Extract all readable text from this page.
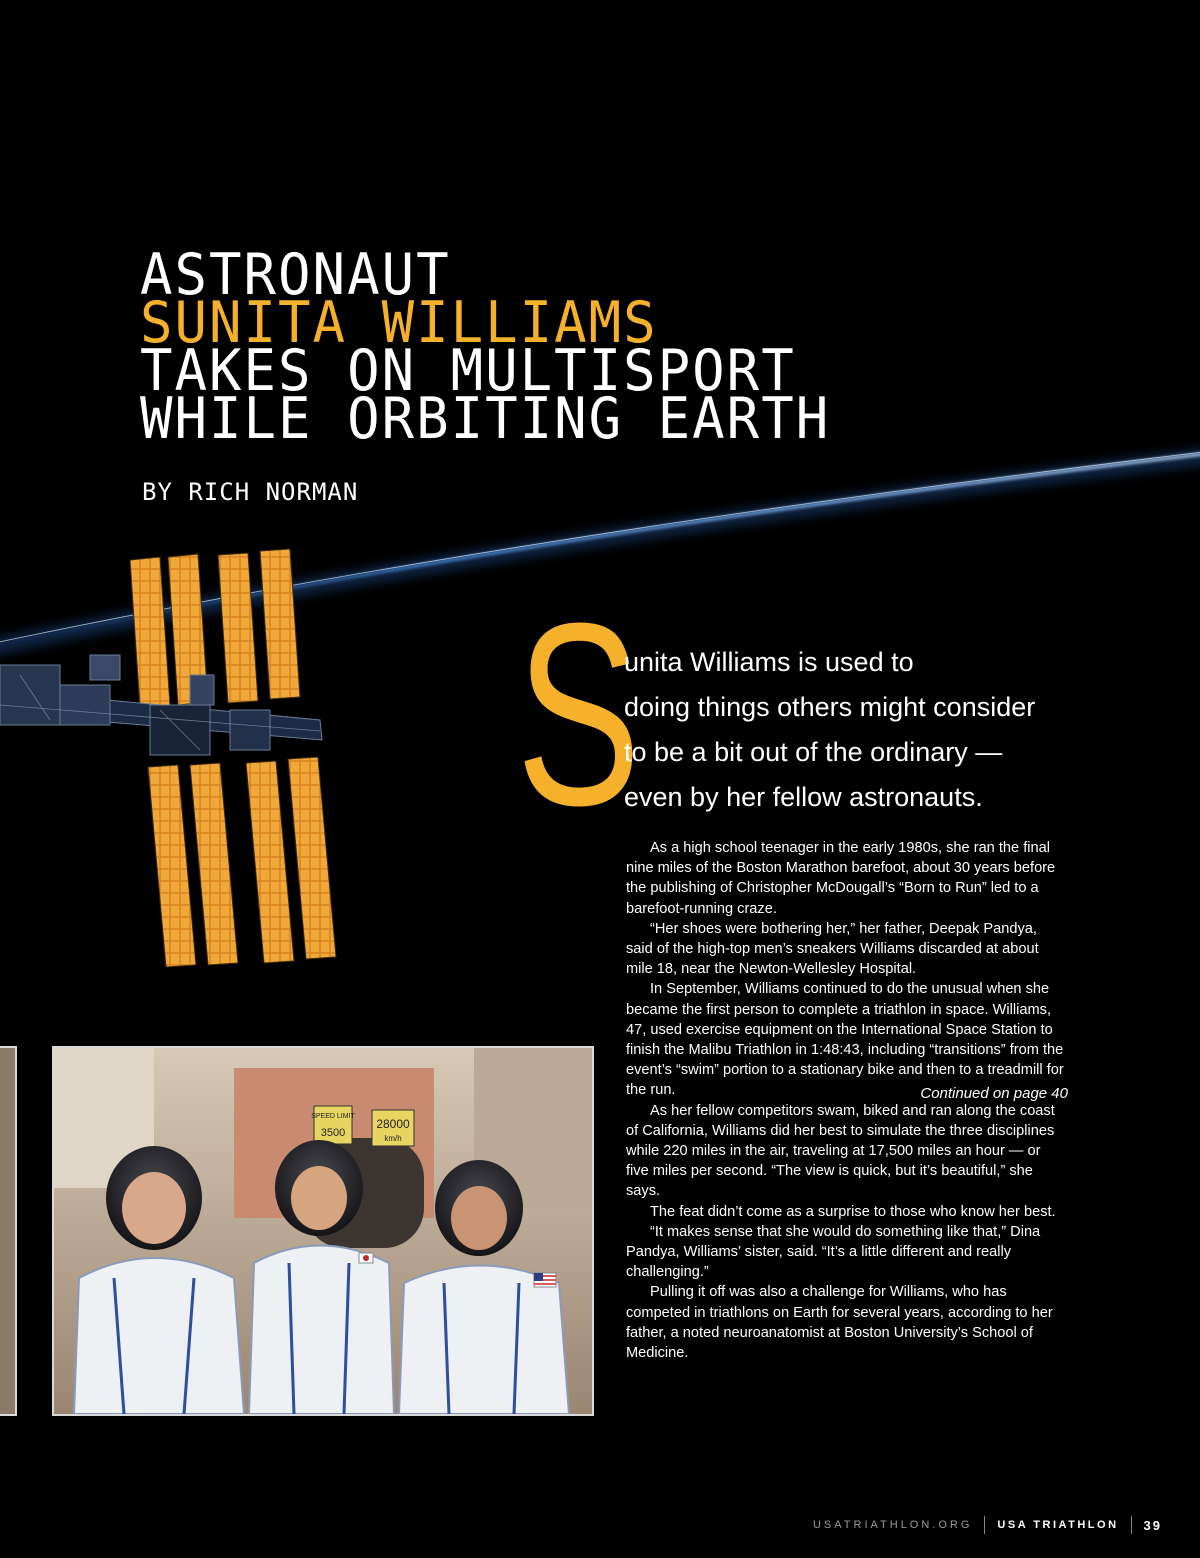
ASTRONAUT
SUNITA WILLIAMS
TAKES ON MULTISPORT
WHILE ORBITING EARTH
BY RICH NORMAN
S

unita Williams is used to

doing things others might consider

to be a bit out of the ordinary —

even by her fellow astronauts.

As a high school teenager in the early 1980s, she ran the final nine miles of the Boston Marathon barefoot, about 30 years before the publishing of Christopher McDougall’s “Born to Run” led to a barefoot-running craze.

“Her shoes were bothering her,” her father, Deepak Pandya, said of the high-top men’s sneakers Williams discarded at about mile 18, near the Newton-Wellesley Hospital.

In September, Williams continued to do the unusual when she became the first person to complete a triathlon in space. Williams, 47, used exercise equipment on the International Space Station to finish the Malibu Triathlon in 1:48:43, including “transitions” from the event’s “swim” portion to a stationary bike and then to a treadmill for the run.

As her fellow competitors swam, biked and ran along the coast of California, Williams did her best to simulate the three disciplines while 220 miles in the air, traveling at 17,500 miles an hour — or five miles per second. “The view is quick, but it’s beautiful,” she says.

The feat didn’t come as a surprise to those who know her best.

“It makes sense that she would do something like that,” Dina Pandya, Williams’ sister, said. “It’s a little different and really challenging.”

Pulling it off was also a challenge for Williams, who has competed in triathlons on Earth for several years, according to her father, a noted neuroanatomist at Boston University’s School of Medicine.

Continued on page 40
SPEED LIMIT
3500
28000
km/h
USATRIATHLON.ORG USA TRIATHLON 39
